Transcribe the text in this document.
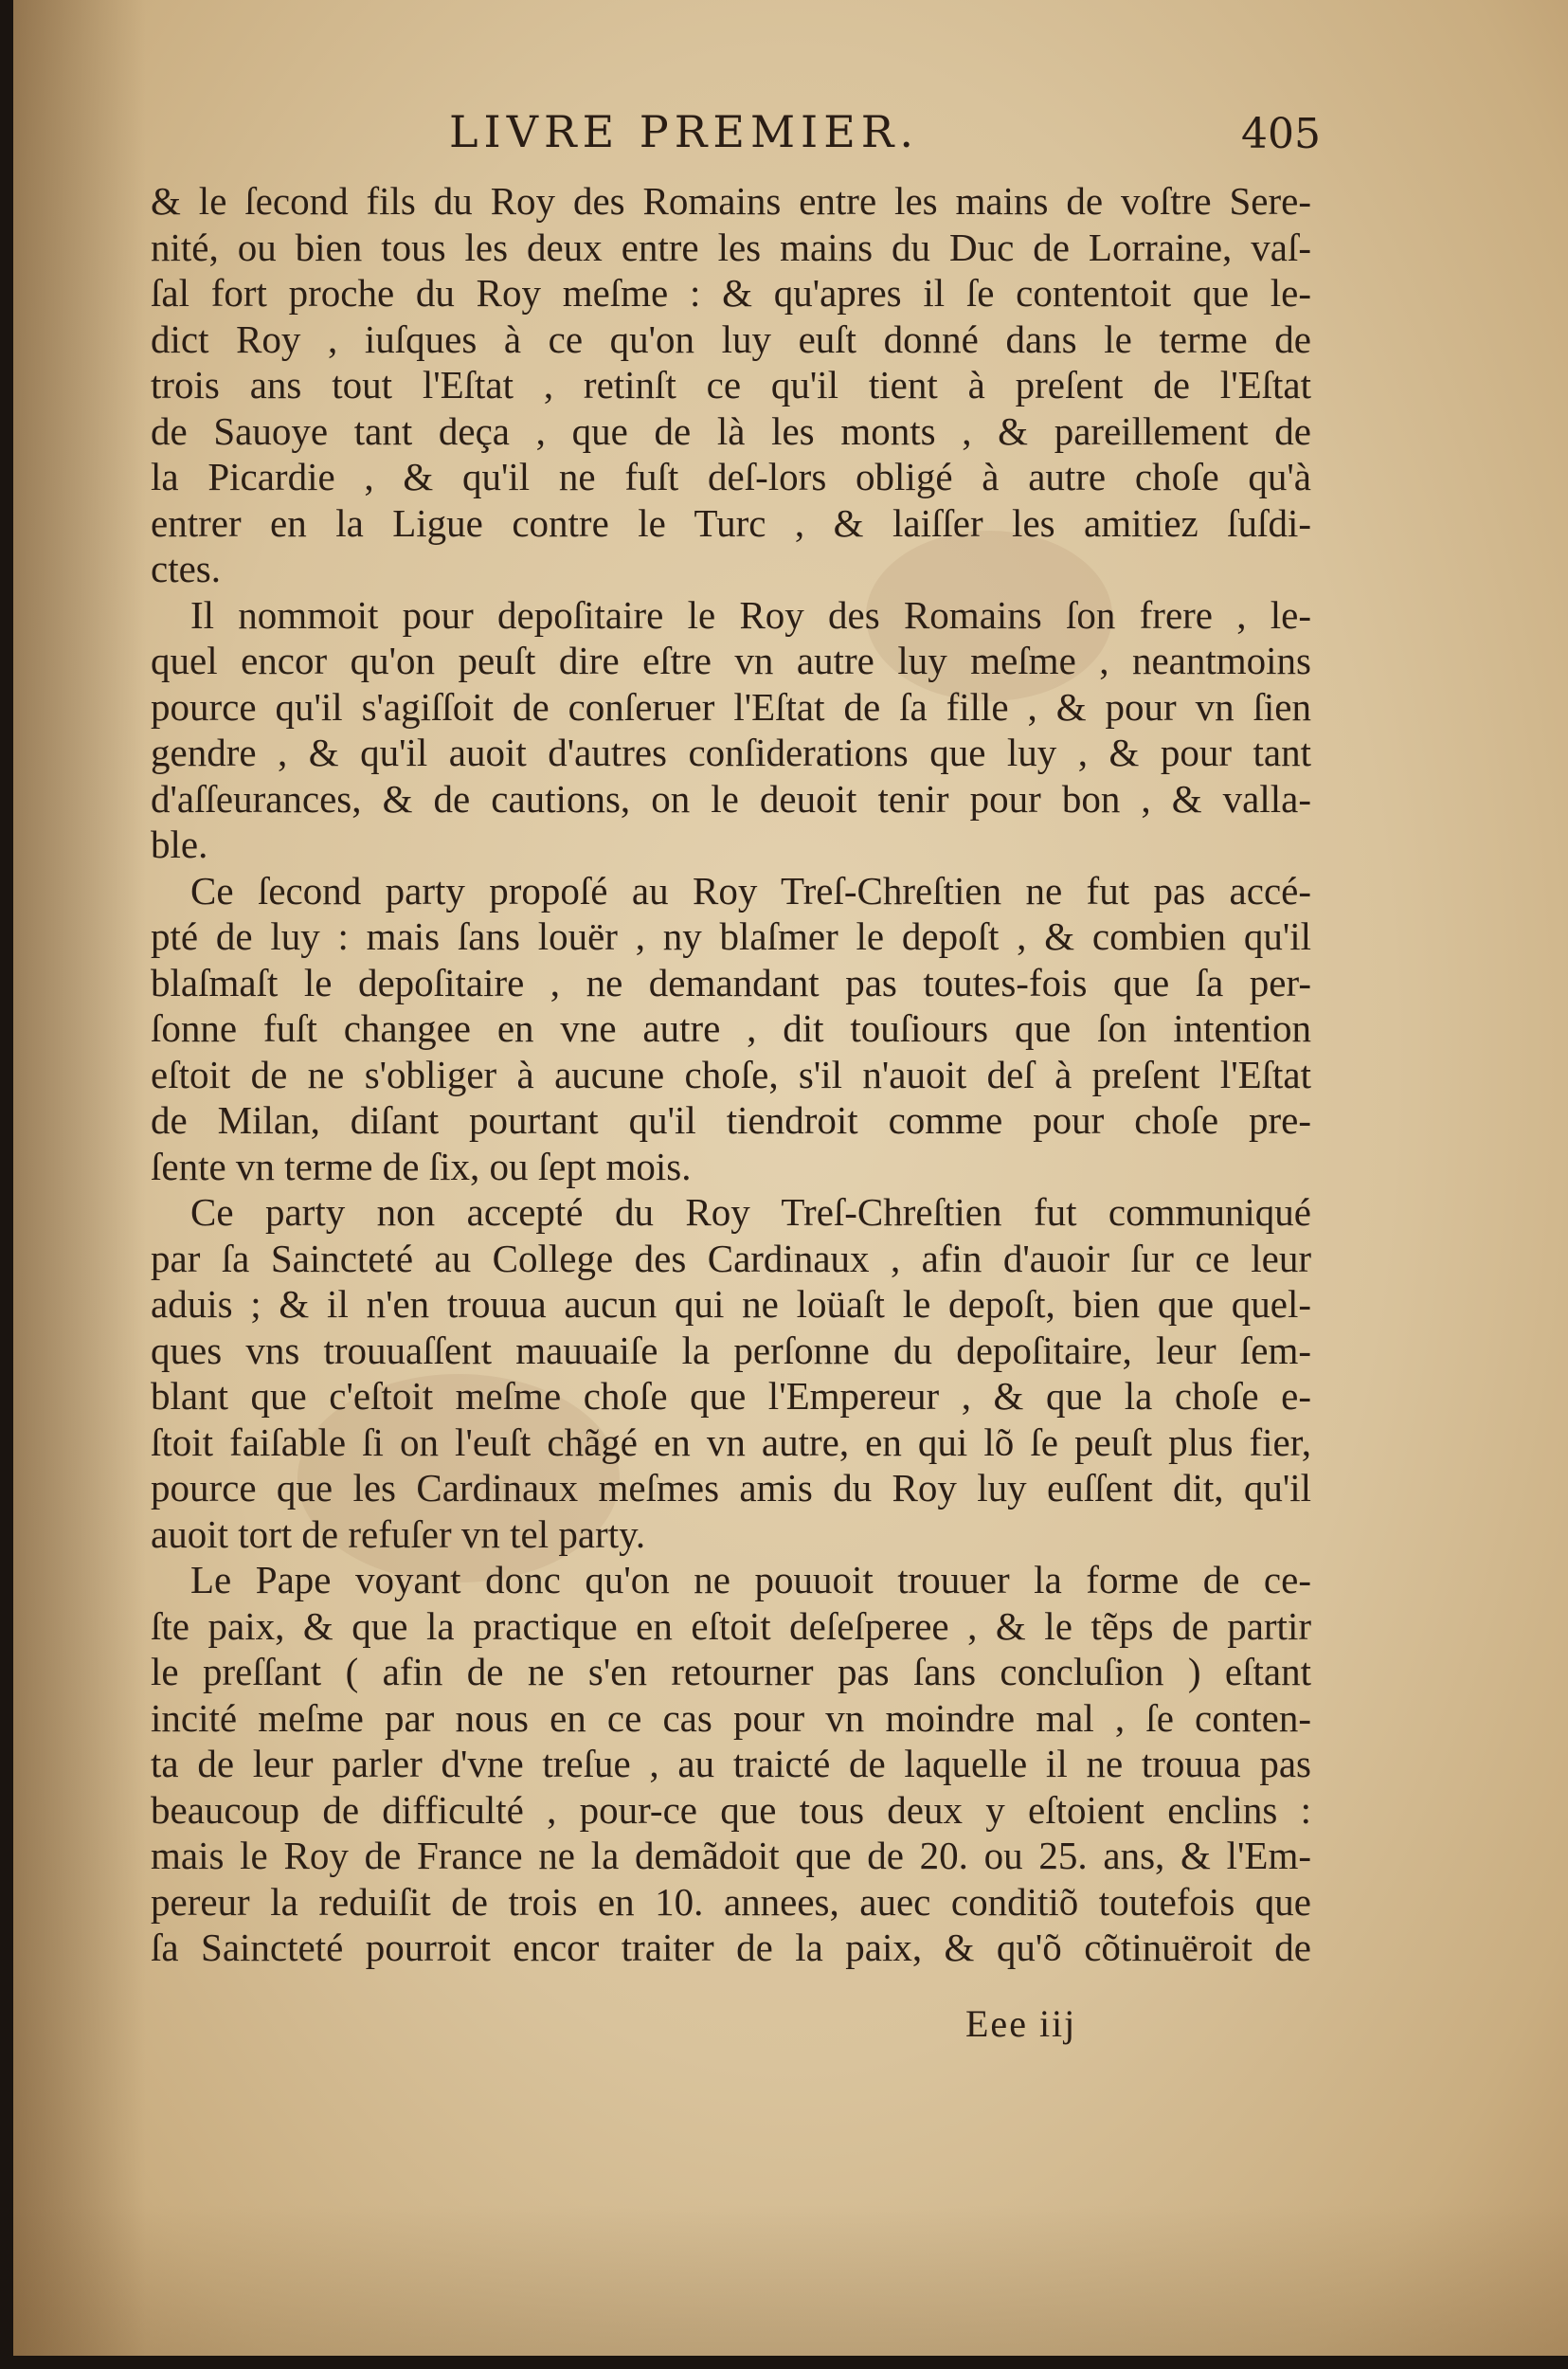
LIVRE PREMIER.	405
& le ſecond fils du Roy des Romains entre les mains de voſtre Sere-
nité, ou bien tous les deux entre les mains du Duc de Lorraine, vaſ-
ſal fort proche du Roy meſme : & qu'apres il ſe contentoit que le-
dict Roy , iuſques à ce qu'on luy euſt donné dans le terme de
trois ans tout l'Eſtat , retinſt ce qu'il tient à preſent de l'Eſtat
de Sauoye tant deça , que de là les monts , & pareillement de
la Picardie , & qu'il ne fuſt deſ-lors obligé à autre choſe qu'à
entrer en la Ligue contre le Turc , & laiſſer les amitiez ſuſdi-
ctes.
Il nommoit pour depoſitaire le Roy des Romains ſon frere , le-
quel encor qu'on peuſt dire eſtre vn autre luy meſme , neantmoins
pource qu'il s'agiſſoit de conſeruer l'Eſtat de ſa fille , & pour vn ſien
gendre , & qu'il auoit d'autres conſiderations que luy , & pour tant
d'aſſeurances, & de cautions, on le deuoit tenir pour bon , & valla-
ble.
Ce ſecond party propoſé au Roy Treſ-Chreſtien ne fut pas accé-
pté de luy : mais ſans louër , ny blaſmer le depoſt , & combien qu'il
blaſmaſt le depoſitaire , ne demandant pas toutes-fois que ſa per-
ſonne fuſt changee en vne autre , dit touſiours que ſon intention
eſtoit de ne s'obliger à aucune choſe, s'il n'auoit deſ à preſent l'Eſtat
de Milan, diſant pourtant qu'il tiendroit comme pour choſe pre-
ſente vn terme de ſix, ou ſept mois.
Ce party non accepté du Roy Treſ-Chreſtien fut communiqué
par ſa Saincteté au College des Cardinaux , afin d'auoir ſur ce leur
aduis ; & il n'en trouua aucun qui ne loüaſt le depoſt, bien que quel-
ques vns trouuaſſent mauuaiſe la perſonne du depoſitaire, leur ſem-
blant que c'eſtoit meſme choſe que l'Empereur , & que la choſe e-
ſtoit faiſable ſi on l'euſt chãgé en vn autre, en qui lõ ſe peuſt plus fier,
pource que les Cardinaux meſmes amis du Roy luy euſſent dit, qu'il
auoit tort de refuſer vn tel party.
Le Pape voyant donc qu'on ne pouuoit trouuer la forme de ce-
ſte paix, & que la practique en eſtoit deſeſperee , & le tẽps de partir
le preſſant ( afin de ne s'en retourner pas ſans concluſion ) eſtant
incité meſme par nous en ce cas pour vn moindre mal , ſe conten-
ta de leur parler d'vne treſue , au traicté de laquelle il ne trouua pas
beaucoup de difficulté , pour-ce que tous deux y eſtoient enclins :
mais le Roy de France ne la demãdoit que de 20. ou 25. ans, & l'Em-
pereur la reduiſit de trois en 10. annees, auec conditiõ toutefois que
ſa Saincteté pourroit encor traiter de la paix, & qu'õ cõtinuëroit de
Eee iij
